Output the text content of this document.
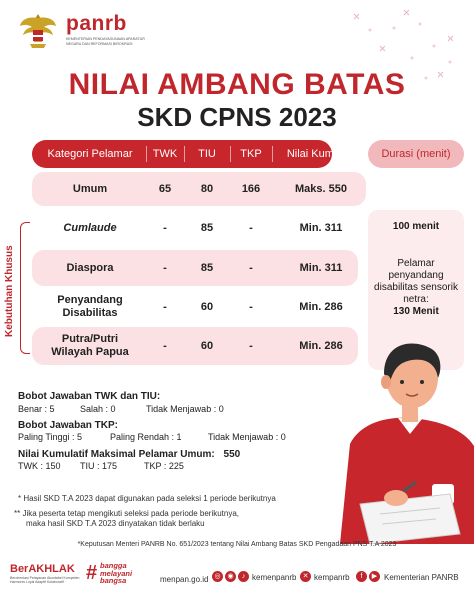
panrb
KEMENTERIAN PENDAYAGUNAAN APARATUR NEGARA DAN REFORMASI BIROKRASI
NILAI AMBANG BATAS
SKD CPNS 2023
Kategori Pelamar	TWK	TIU	TKP	Nilai Kumulatif	Durasi (menit)
Umum	65	80	166	Maks. 550
Cumlaude	-	85	-	Min. 311
Diaspora	-	85	-	Min. 311
Penyandang Disabilitas	-	60	-	Min. 286
Putra/Putri Wilayah Papua	-	60	-	Min. 286
Kebutuhan Khusus
100 menit
Pelamar penyandang disabilitas sensorik netra:
130 Menit
Bobot Jawaban TWK dan TIU:
Benar : 5	Salah : 0	Tidak Menjawab : 0
Bobot Jawaban TKP:
Paling Tinggi : 5	Paling Rendah : 1	Tidak Menjawab : 0
Nilai Kumulatif Maksimal Pelamar Umum: 550
TWK : 150 TIU : 175	TKP : 225
* Hasil SKD T.A 2023 dapat digunakan pada seleksi 1 periode berikutnya
** Jika peserta tetap mengikuti seleksi pada periode berikutnya,
maka hasil SKD T.A 2023 dinyatakan tidak berlaku
*Keputusan Menteri PANRB No. 651/2023 tentang Nilai Ambang Batas SKD Pengadaan PNS T.A 2023
BerAKHLAK
Berorientasi Pelayanan Akuntabel Kompeten Harmonis Loyal Adaptif Kolaboratif	# bangga
melayani
bangsa	menpan.go.id ◎ ◉	♪ kemenpanrb ✕ kempanrb	f	▶ Kementerian PANRB
